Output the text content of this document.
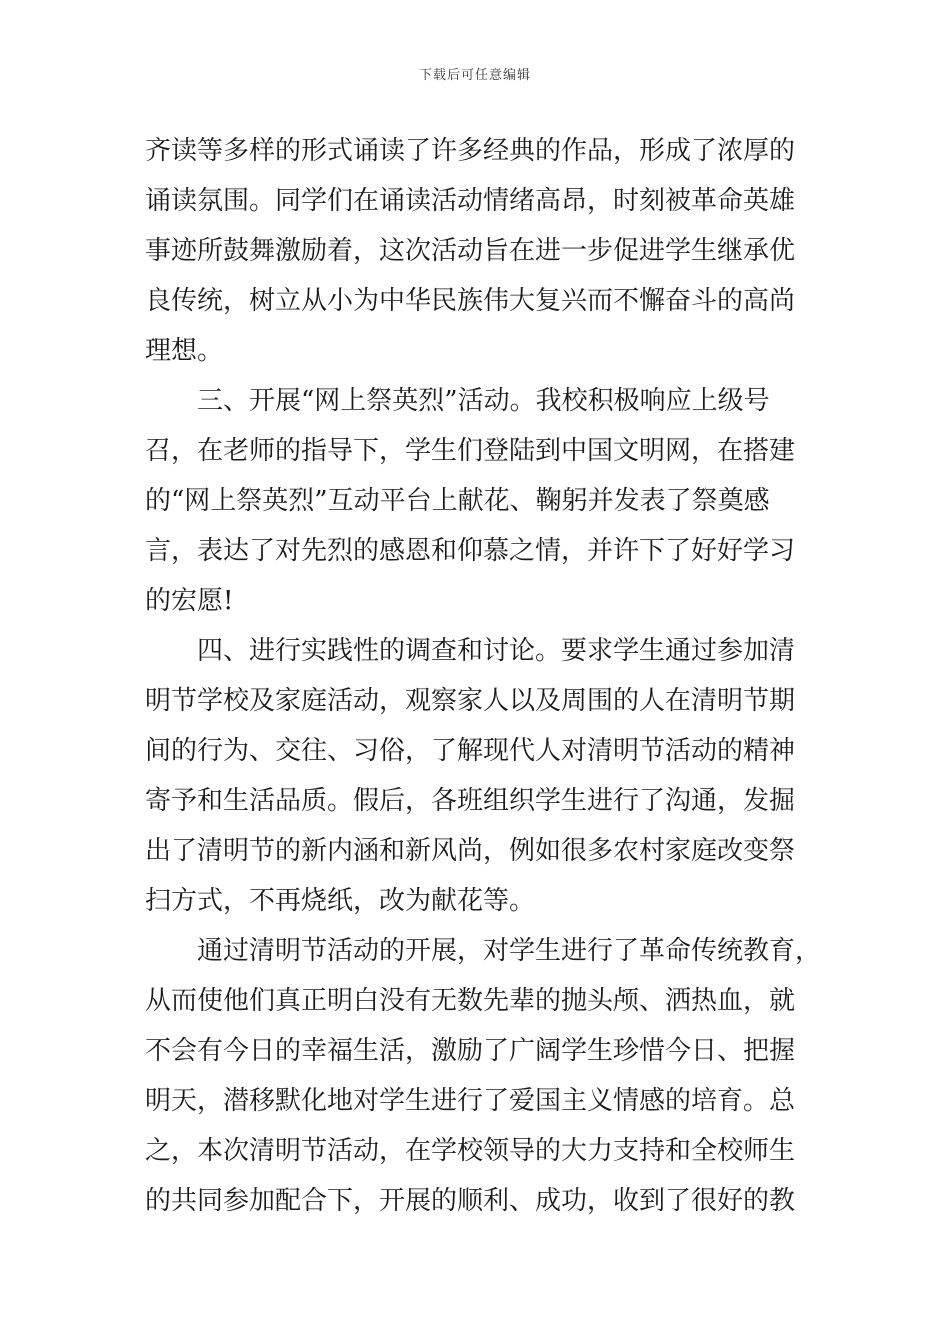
下载后可任意编辑
齐读等多样的形式诵读了许多经典的作品，形成了浓厚的
诵读氛围。同学们在诵读活动情绪高昂，时刻被革命英雄
事迹所鼓舞激励着，这次活动旨在进一步促进学生继承优
良传统，树立从小为中华民族伟大复兴而不懈奋斗的高尚
理想。
三、开展“网上祭英烈”活动。我校积极响应上级号
召，在老师的指导下，学生们登陆到中国文明网，在搭建
的“网上祭英烈”互动平台上献花、鞠躬并发表了祭奠感
言，表达了对先烈的感恩和仰慕之情，并许下了好好学习
的宏愿!
四、进行实践性的调查和讨论。要求学生通过参加清
明节学校及家庭活动，观察家人以及周围的人在清明节期
间的行为、交往、习俗，了解现代人对清明节活动的精神
寄予和生活品质。假后，各班组织学生进行了沟通，发掘
出了清明节的新内涵和新风尚，例如很多农村家庭改变祭
扫方式，不再烧纸，改为献花等。
通过清明节活动的开展，对学生进行了革命传统教育，
从而使他们真正明白没有无数先辈的抛头颅、洒热血，就
不会有今日的幸福生活，激励了广阔学生珍惜今日、把握
明天，潜移默化地对学生进行了爱国主义情感的培育。总
之，本次清明节活动，在学校领导的大力支持和全校师生
的共同参加配合下，开展的顺利、成功，收到了很好的教
